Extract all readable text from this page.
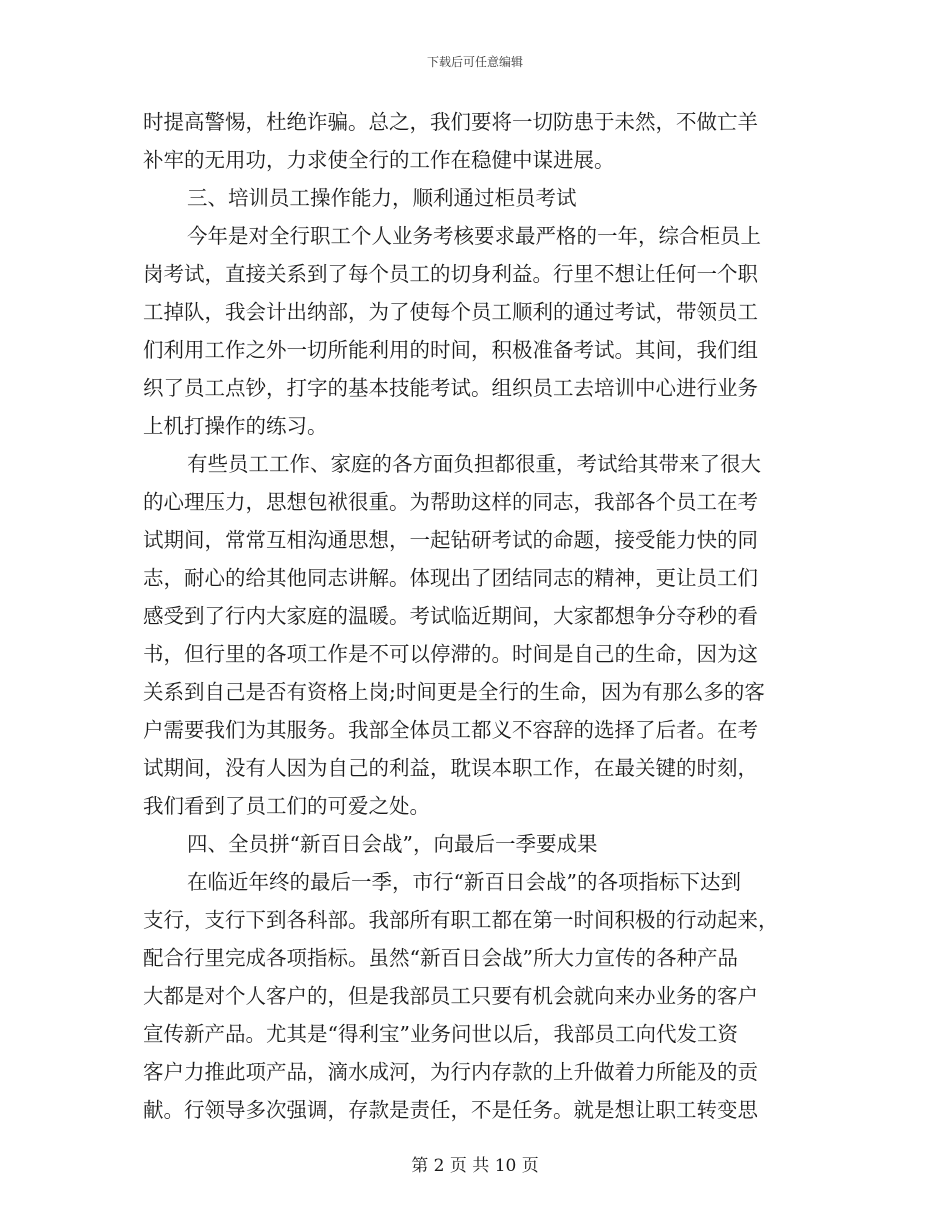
下载后可任意编辑
时提高警惕，杜绝诈骗。总之，我们要将一切防患于未然，不做亡羊
补牢的无用功，力求使全行的工作在稳健中谋进展。
三、培训员工操作能力，顺利通过柜员考试
今年是对全行职工个人业务考核要求最严格的一年，综合柜员上
岗考试，直接关系到了每个员工的切身利益。行里不想让任何一个职
工掉队，我会计出纳部，为了使每个员工顺利的通过考试，带领员工
们利用工作之外一切所能利用的时间，积极准备考试。其间，我们组
织了员工点钞，打字的基本技能考试。组织员工去培训中心进行业务
上机打操作的练习。
有些员工工作、家庭的各方面负担都很重，考试给其带来了很大
的心理压力，思想包袱很重。为帮助这样的同志，我部各个员工在考
试期间，常常互相沟通思想，一起钻研考试的命题，接受能力快的同
志，耐心的给其他同志讲解。体现出了团结同志的精神，更让员工们
感受到了行内大家庭的温暖。考试临近期间，大家都想争分夺秒的看
书，但行里的各项工作是不可以停滞的。时间是自己的生命，因为这
关系到自己是否有资格上岗;时间更是全行的生命，因为有那么多的客
户需要我们为其服务。我部全体员工都义不容辞的选择了后者。在考
试期间，没有人因为自己的利益，耽误本职工作，在最关键的时刻，
我们看到了员工们的可爱之处。
四、全员拼“新百日会战”，向最后一季要成果
在临近年终的最后一季，市行“新百日会战”的各项指标下达到
支行，支行下到各科部。我部所有职工都在第一时间积极的行动起来，
配合行里完成各项指标。虽然“新百日会战”所大力宣传的各种产品
大都是对个人客户的，但是我部员工只要有机会就向来办业务的客户
宣传新产品。尤其是“得利宝”业务问世以后，我部员工向代发工资
客户力推此项产品，滴水成河，为行内存款的上升做着力所能及的贡
献。行领导多次强调，存款是责任，不是任务。就是想让职工转变思
第 2 页 共 10 页
